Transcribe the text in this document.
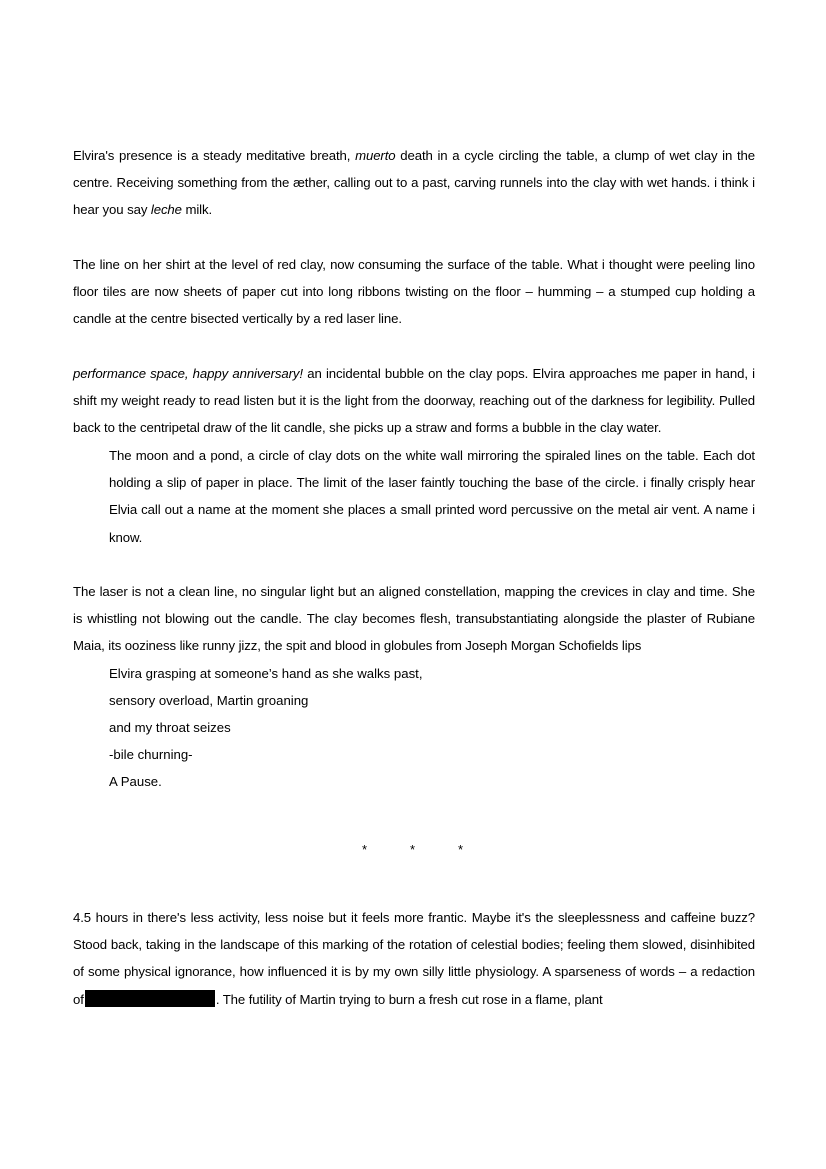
Elvira's presence is a steady meditative breath, muerto death in a cycle circling the table, a clump of wet clay in the centre. Receiving something from the æther, calling out to a past, carving runnels into the clay with wet hands. i think i hear you say leche milk.

The line on her shirt at the level of red clay, now consuming the surface of the table. What i thought were peeling lino floor tiles are now sheets of paper cut into long ribbons twisting on the floor – humming – a stumped cup holding a candle at the centre bisected vertically by a red laser line.

performance space, happy anniversary! an incidental bubble on the clay pops. Elvira approaches me paper in hand, i shift my weight ready to read listen but it is the light from the doorway, reaching out of the darkness for legibility. Pulled back to the centripetal draw of the lit candle, she picks up a straw and forms a bubble in the clay water.

The moon and a pond, a circle of clay dots on the white wall mirroring the spiraled lines on the table. Each dot holding a slip of paper in place. The limit of the laser faintly touching the base of the circle. i finally crisply hear Elvia call out a name at the moment she places a small printed word percussive on the metal air vent. A name i know.

The laser is not a clean line, no singular light but an aligned constellation, mapping the crevices in clay and time. She is whistling not blowing out the candle. The clay becomes flesh, transubstantiating alongside the plaster of Rubiane Maia, its ooziness like runny jizz, the spit and blood in globules from Joseph Morgan Schofields lips

Elvira grasping at someone’s hand as she walks past,

sensory overload, Martin groaning

and my throat seizes

-bile churning-

A Pause.

*	*	*

4.5 hours in there's less activity, less noise but it feels more frantic. Maybe it's the sleeplessness and caffeine buzz? Stood back, taking in the landscape of this marking of the rotation of celestial bodies; feeling them slowed, disinhibited of some physical ignorance, how influenced it is by my own silly little physiology. A sparseness of words – a redaction of	. The futility of Martin trying to burn a fresh cut rose in a flame, plant
